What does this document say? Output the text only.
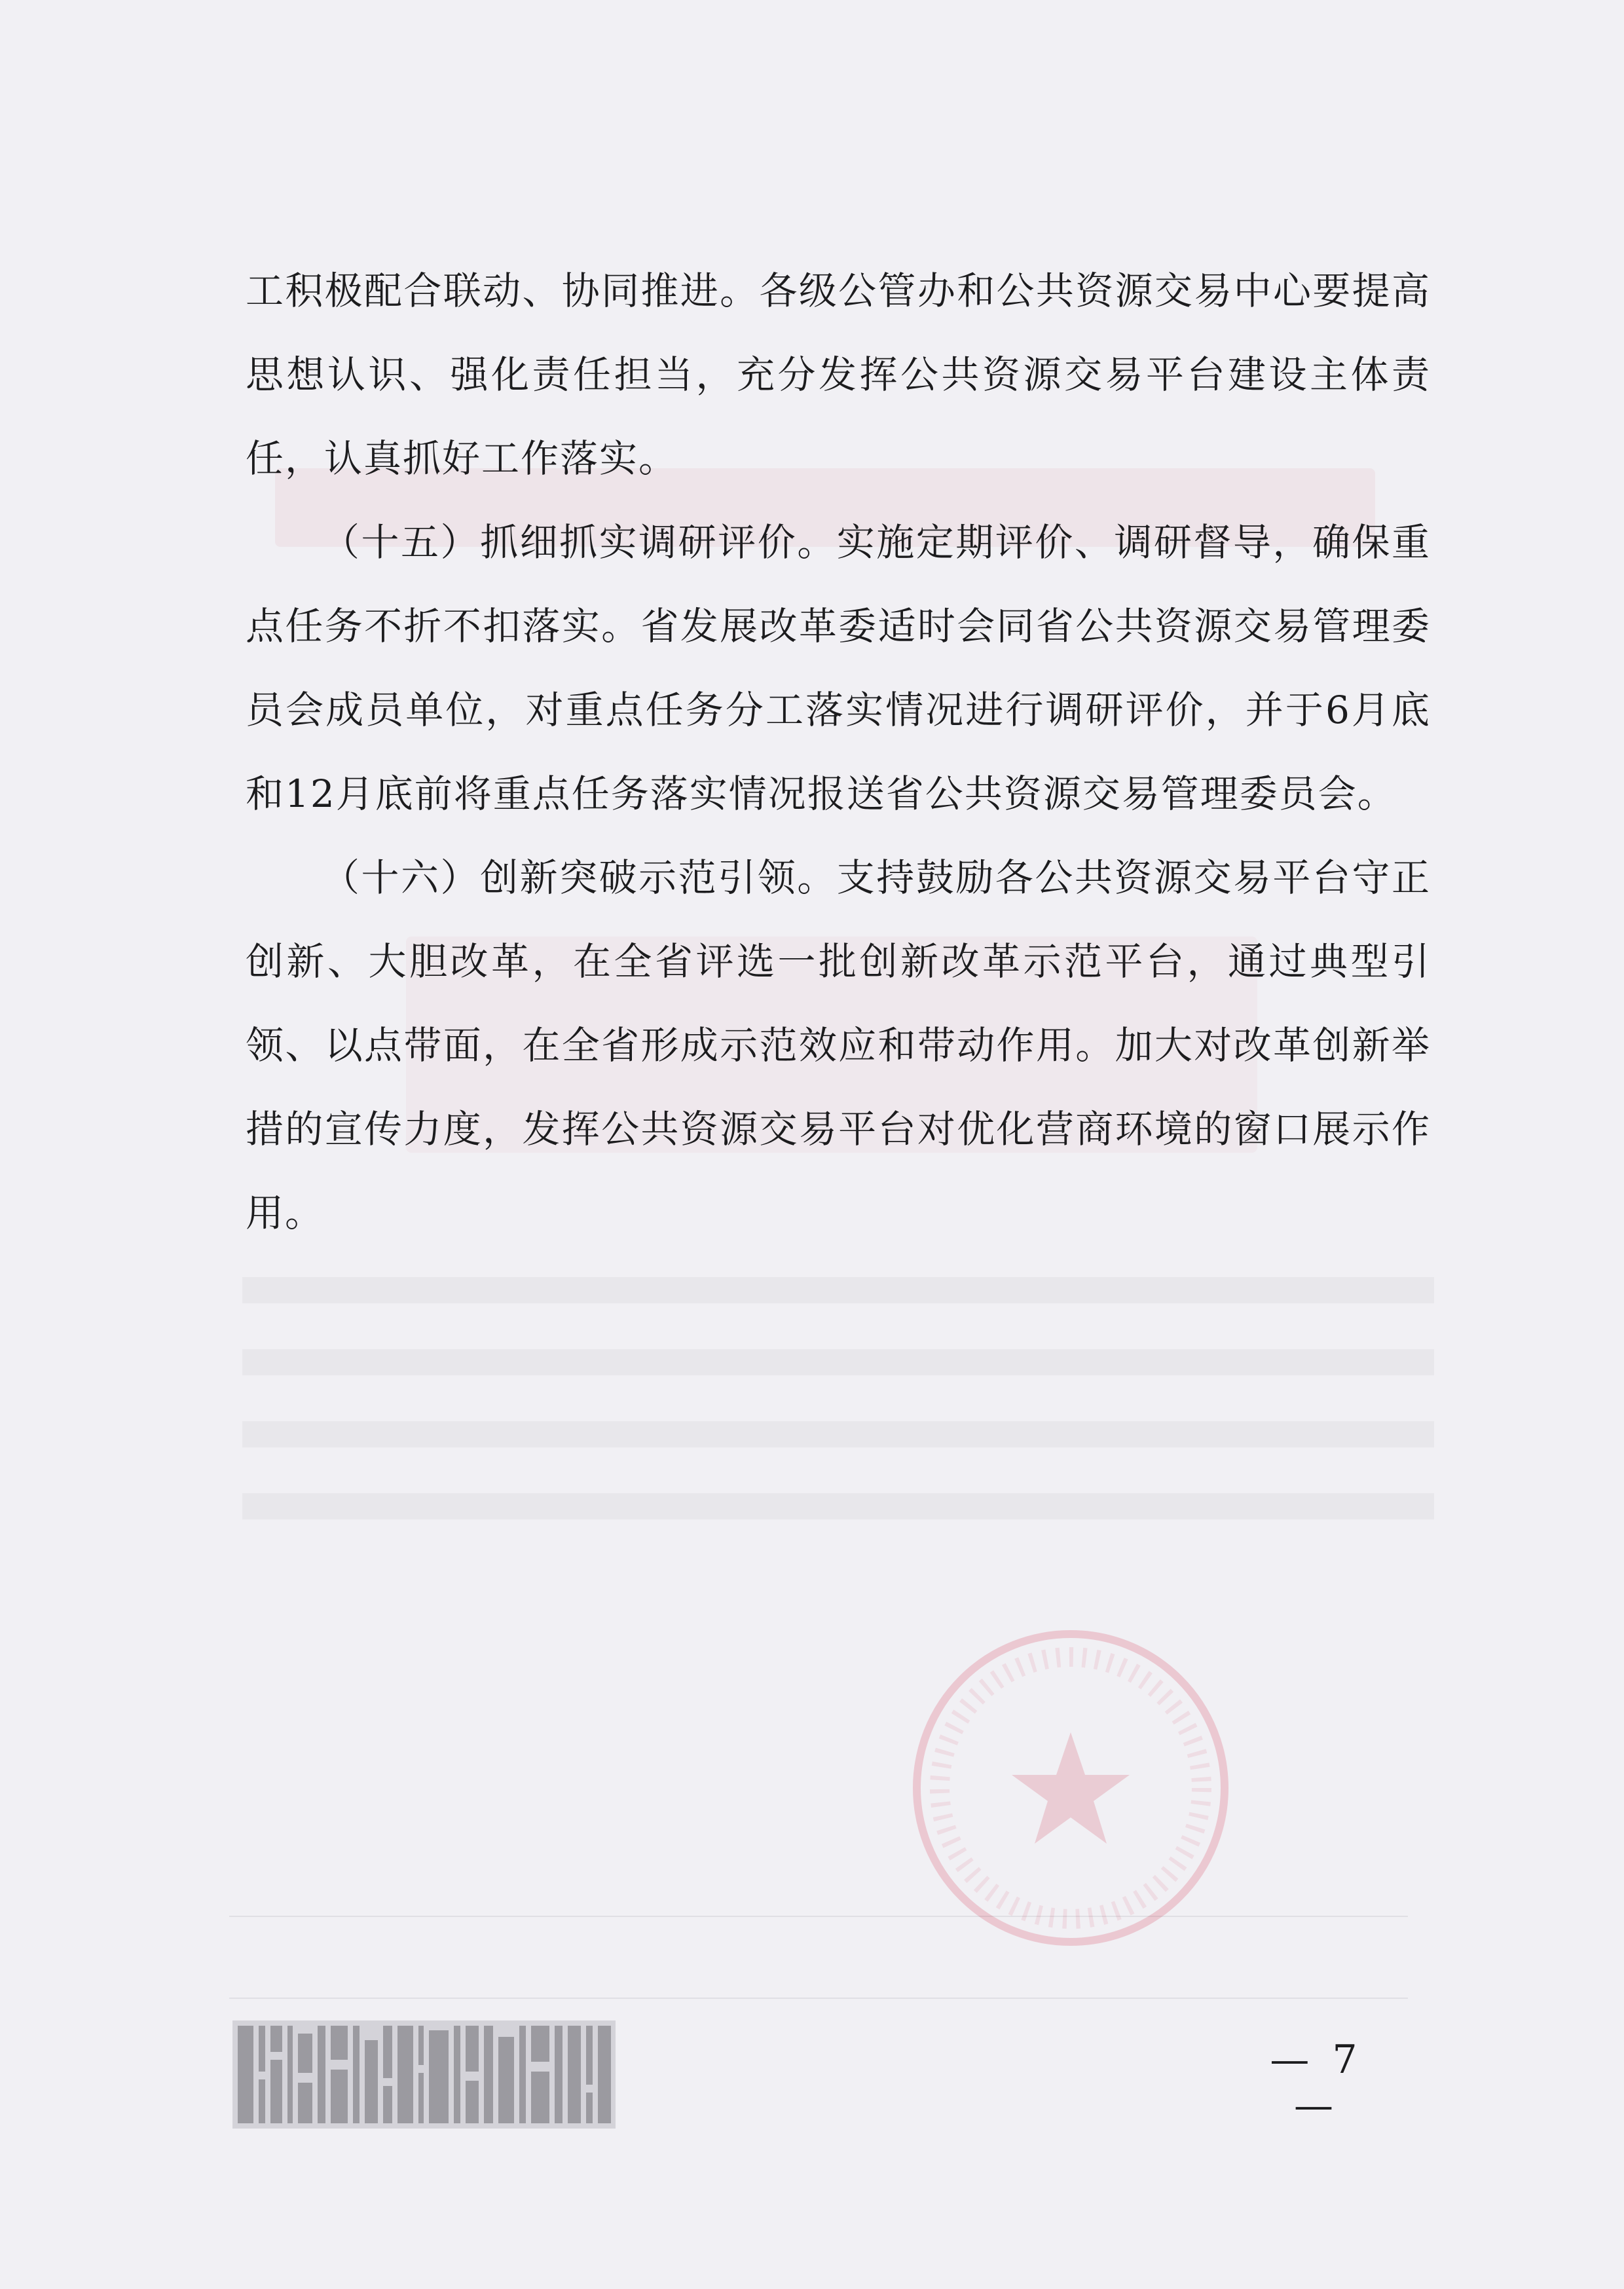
工积极配合联动、协同推进。各级公管办和公共资源交易中心要提高思想认识、强化责任担当，充分发挥公共资源交易平台建设主体责任，认真抓好工作落实。

（十五）抓细抓实调研评价。实施定期评价、调研督导，确保重点任务不折不扣落实。省发展改革委适时会同省公共资源交易管理委员会成员单位，对重点任务分工落实情况进行调研评价，并于6月底和12月底前将重点任务落实情况报送省公共资源交易管理委员会。

（十六）创新突破示范引领。支持鼓励各公共资源交易平台守正创新、大胆改革，在全省评选一批创新改革示范平台，通过典型引领、以点带面，在全省形成示范效应和带动作用。加大对改革创新举措的宣传力度，发挥公共资源交易平台对优化营商环境的窗口展示作用。

— 7 —
